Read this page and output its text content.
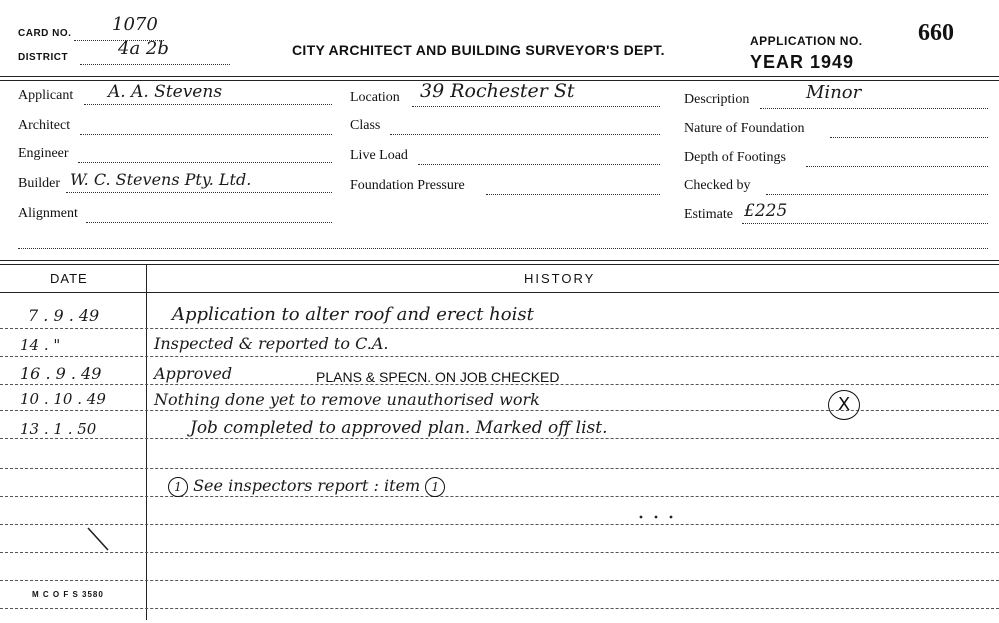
CARD NO. 1070
DISTRICT	4a 2b	CITY ARCHITECT AND BUILDING SURVEYOR'S DEPT.
APPLICATION NO. 660
YEAR 1949
Applicant A. A. Stevens
Architect
Engineer
Builder W. C. Stevens Pty. Ltd.
Alignment
Location 39 Rochester St
Class
Live Load
Foundation Pressure
Description	Minor
Nature of Foundation
Depth of Footings
Checked by
Estimate £225
DATE	HISTORY
7 . 9 . 49	Application to alter roof and erect hoist
14 . "	Inspected & reported to C.A.
16 . 9 . 49	Approved	PLANS & SPECN. ON JOB CHECKED
10 . 10 . 49	Nothing done yet to remove unauthorised work	X
13 . 1 . 50	Job completed to approved plan. Marked off list.
1 See inspectors report : item 1
M C O F S 3580
